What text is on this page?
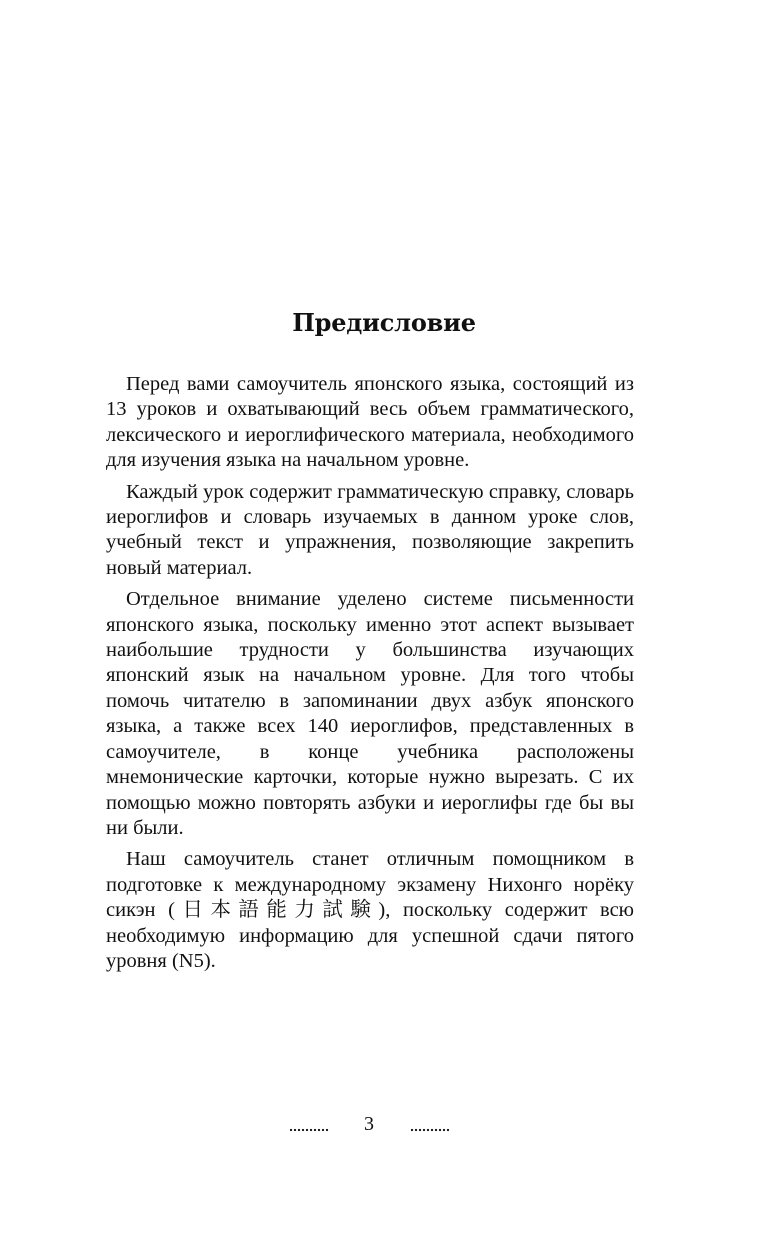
Предисловие

Перед вами самоучитель японского языка, состоящий из 13 уроков и охватывающий весь объем грамматического, лексического и иероглифического материала, необходимого для изучения языка на начальном уровне.

Каждый урок содержит грамматическую справку, словарь иероглифов и словарь изучаемых в данном уроке слов, учебный текст и упражнения, позволяющие закрепить новый материал.

Отдельное внимание уделено системе письменности японского языка, поскольку именно этот аспект вызывает наибольшие трудности у большинства изучающих японский язык на начальном уровне. Для того чтобы помочь читателю в запоминании двух азбук японского языка, а также всех 140 иероглифов, представленных в самоучителе, в конце учебника расположены мнемонические карточки, которые нужно вырезать. С их помощью можно повторять азбуки и иероглифы где бы вы ни были.

Наш самоучитель станет отличным помощником в подготовке к международному экзамену Нихонго норёку сикэн (日本語能力試験), поскольку содержит всю необходимую информацию для успешной сдачи пятого уровня (N5).

3
